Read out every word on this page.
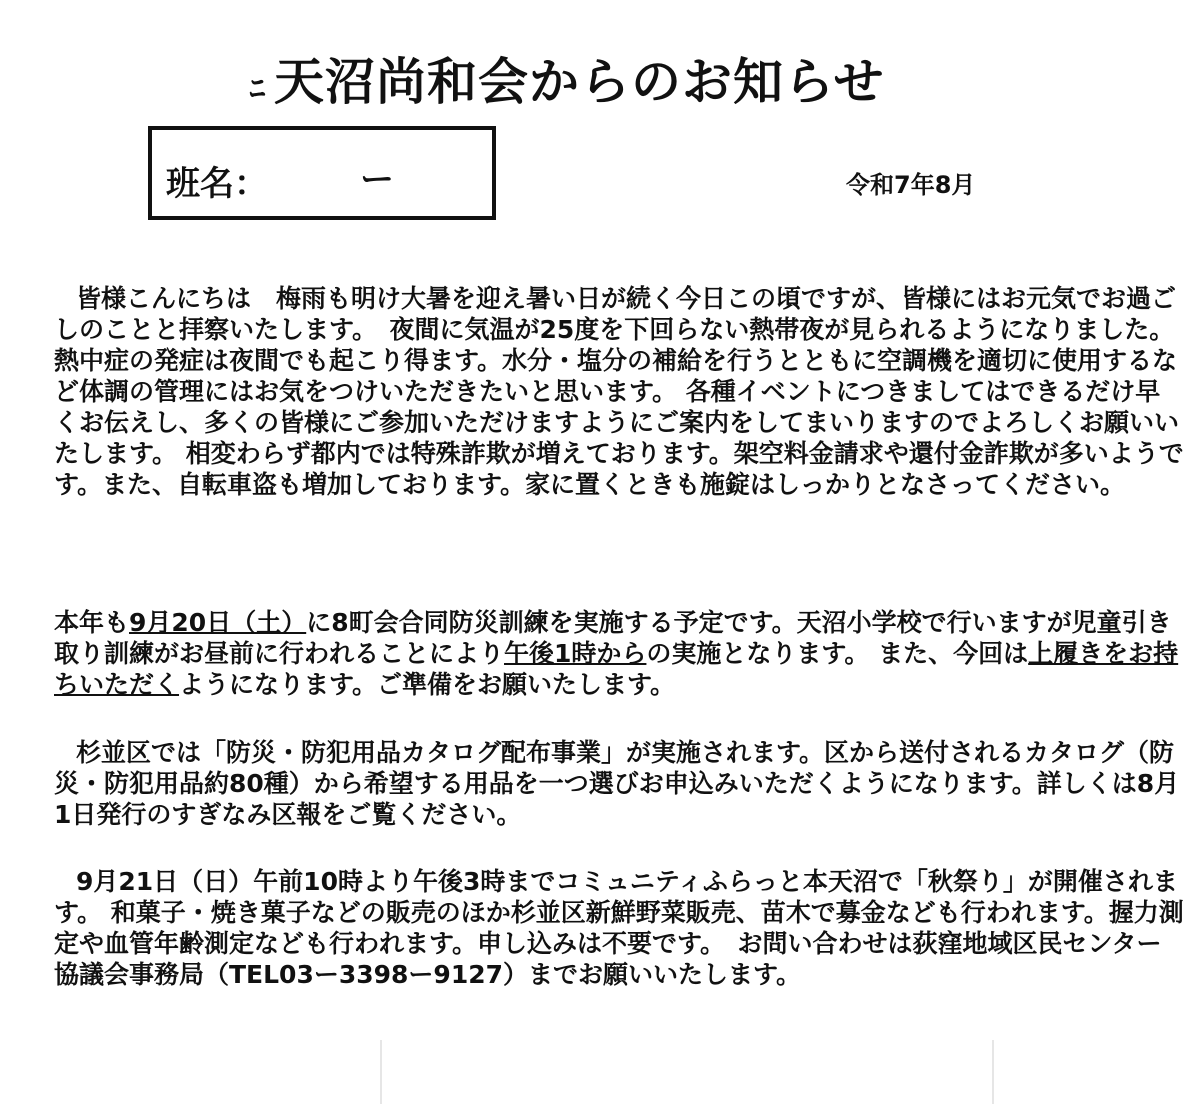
ﾆ 天沼尚和会からのお知らせ
班名：	ー	令和7年8月

皆様こんにちは　梅雨も明け大暑を迎え暑い日が続く今日この頃ですが、皆様にはお元気でお過ごしのことと拝察いたします。　夜間に気温が25度を下回らない熱帯夜が見られるようになりました。熱中症の発症は夜間でも起こり得ます。水分・塩分の補給を行うとともに空調機を適切に使用するなど体調の管理にはお気をつけいただきたいと思います。 各種イベントにつきましてはできるだけ早くお伝えし、多くの皆様にご参加いただけますようにご案内をしてまいりますのでよろしくお願いいたします。 相変わらず都内では特殊詐欺が増えております。架空料金請求や還付金詐欺が多いようです。また、自転車盗も増加しております。家に置くときも施錠はしっかりとなさってください。

本年も9月20日（土）に8町会合同防災訓練を実施する予定です。天沼小学校で行いますが児童引き取り訓練がお昼前に行われることにより午後1時からの実施となります。 また、今回は上履きをお持ちいただくようになります。ご準備をお願いたします。

杉並区では「防災・防犯用品カタログ配布事業」が実施されます。区から送付されるカタログ（防災・防犯用品約80種）から希望する用品を一つ選びお申込みいただくようになります。詳しくは8月1日発行のすぎなみ区報をご覧ください。

9月21日（日）午前10時より午後3時までコミュニティふらっと本天沼で「秋祭り」が開催されます。 和菓子・焼き菓子などの販売のほか杉並区新鮮野菜販売、苗木で募金なども行われます。握力測定や血管年齢測定なども行われます。申し込みは不要です。　お問い合わせは荻窪地域区民センター協議会事務局（TEL03ー3398ー9127）までお願いいたします。
